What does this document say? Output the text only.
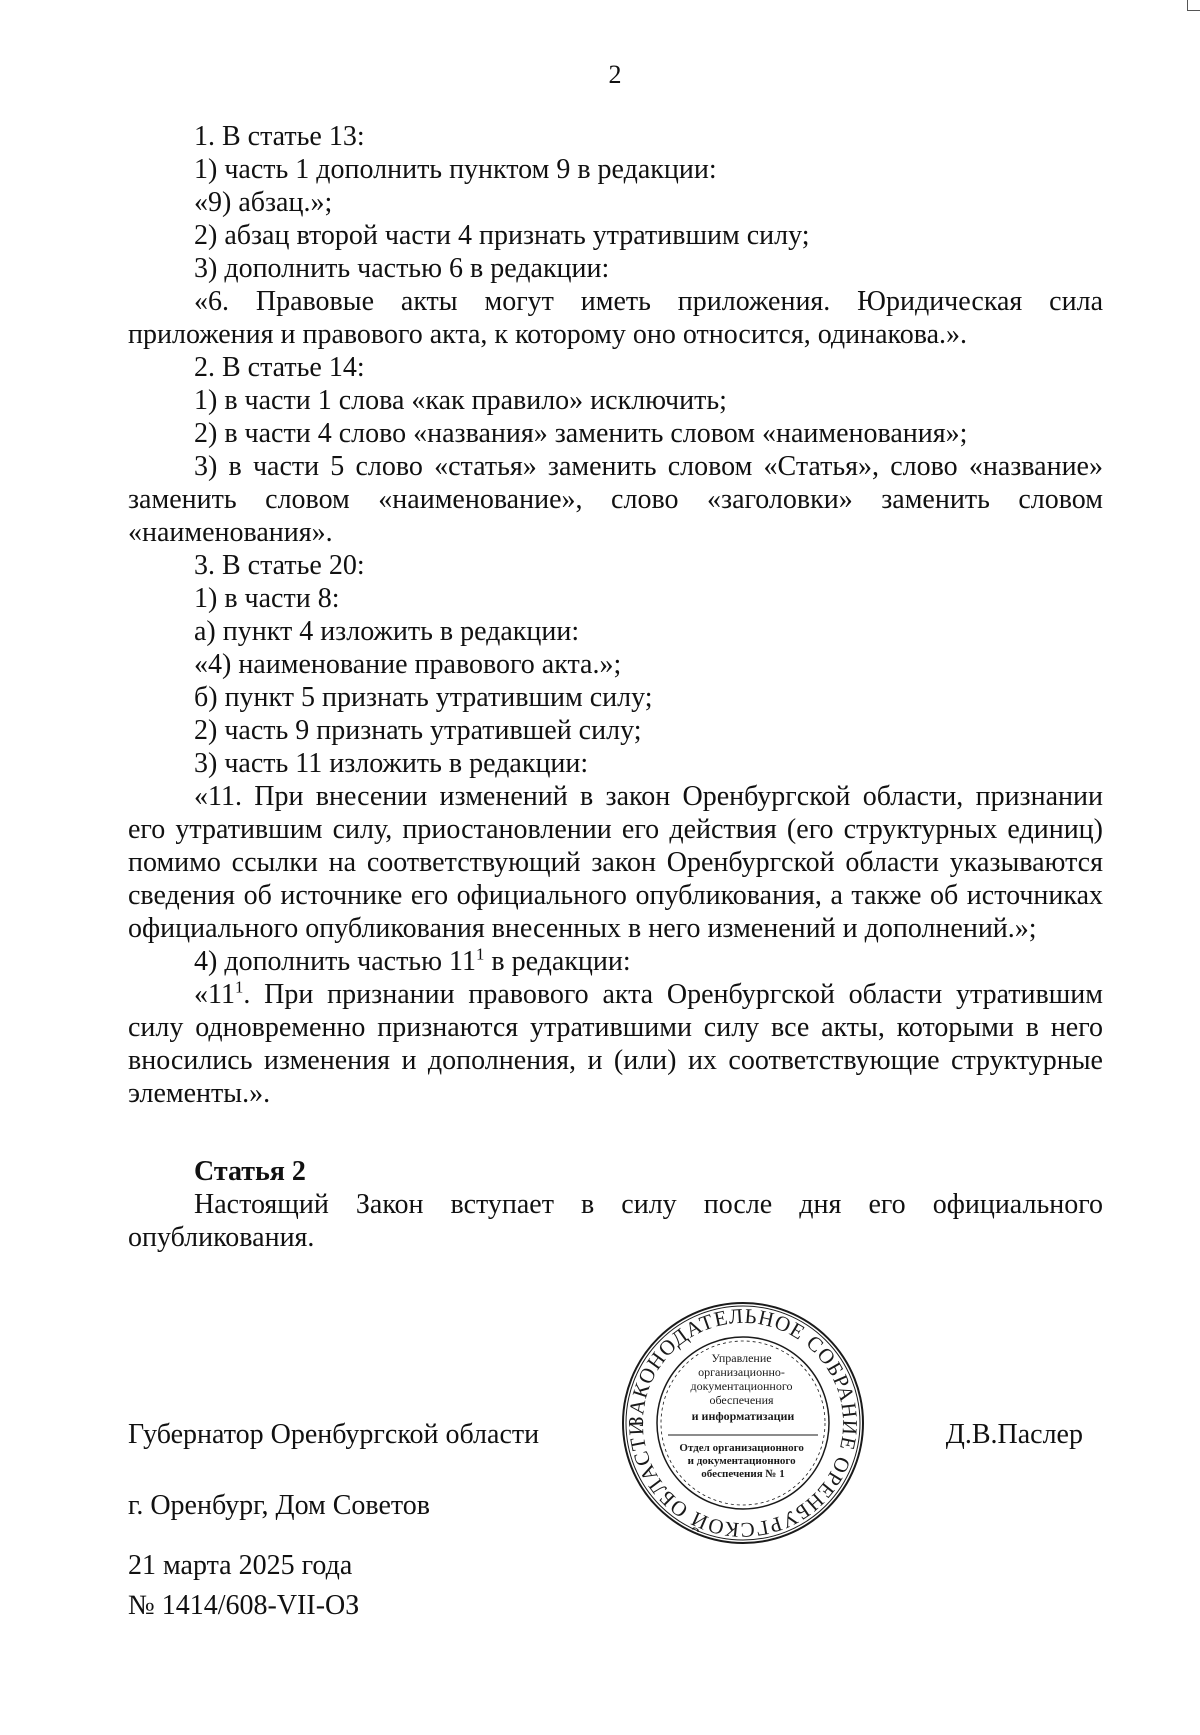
2

1. В статье 13:

1) часть 1 дополнить пунктом 9 в редакции:

«9) абзац.»;

2) абзац второй части 4 признать утратившим силу;

3) дополнить частью 6 в редакции:

«6. Правовые акты могут иметь приложения. Юридическая сила приложения и правового акта, к которому оно относится, одинакова.».

2. В статье 14:

1) в части 1 слова «как правило» исключить;

2) в части 4 слово «названия» заменить словом «наименования»;

3) в части 5 слово «статья» заменить словом «Статья», слово «название» заменить словом «наименование», слово «заголовки» заменить словом «наименования».

3. В статье 20:

1) в части 8:

а) пункт 4 изложить в редакции:

«4) наименование правового акта.»;

б) пункт 5 признать утратившим силу;

2) часть 9 признать утратившей силу;

3) часть 11 изложить в редакции:

«11. При внесении изменений в закон Оренбургской области, признании его утратившим силу, приостановлении его действия (его структурных единиц) помимо ссылки на соответствующий закон Оренбургской области указываются сведения об источнике его официального опубликования, а также об источниках официального опубликования внесенных в него изменений и дополнений.»;

4) дополнить частью $11^1$ в редакции:

«$11^1$. При признании правового акта Оренбургской области утратившим силу одновременно признаются утратившими силу все акты, которыми в него вносились изменения и дополнения, и (или) их соответствующие структурные элементы.».

Статья 2

Настоящий Закон вступает в силу после дня его официального опубликования.

Губернатор Оренбургской области	Д.В.Паслер
ЗАКОНОДАТЕЛЬНОЕ СОБРАНИЕ ОРЕНБУРГСКОЙ ОБЛАСТИ
Управление организационно- документационного обеспечения и информатизации
Отдел организационного и документационного обеспечения № 1
г. Оренбург, Дом Советов
21 марта 2025 года
№ 1414/608-VII-ОЗ
